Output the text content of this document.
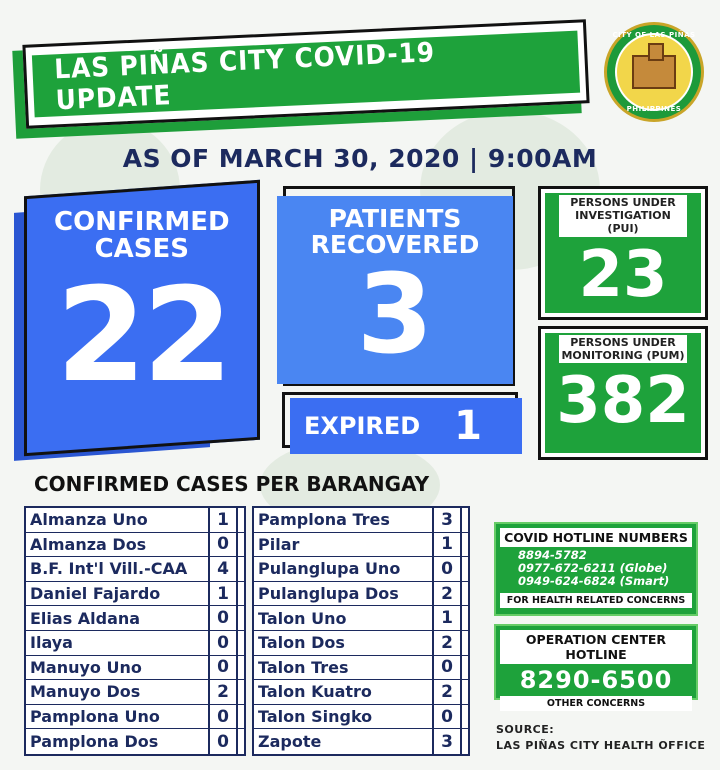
LAS PIÑAS CITY COVID-19 UPDATE
CITY OF LAS PIÑAS
PHILIPPINES
AS OF MARCH 30, 2020 | 9:00AM
CONFIRMED
CASES
22
PATIENTS
RECOVERED
3
EXPIRED 1
PERSONS UNDER INVESTIGATION (PUI)
23
PERSONS UNDER MONITORING (PUM)
382
CONFIRMED CASES PER BARANGAY
Almanza Uno	1
Almanza Dos	0
B.F. Int'l Vill.-CAA	4
Daniel Fajardo	1
Elias Aldana	0
Ilaya	0
Manuyo Uno	0
Manuyo Dos	2
Pamplona Uno	0
Pamplona Dos	0
Pamplona Tres	3
Pilar	1
Pulanglupa Uno	0
Pulanglupa Dos	2
Talon Uno	1
Talon Dos	2
Talon Tres	0
Talon Kuatro	2
Talon Singko	0
Zapote	3
COVID HOTLINE NUMBERS
8894-5782
0977-672-6211 (Globe)
0949-624-6824 (Smart)
FOR HEALTH RELATED CONCERNS
OPERATION CENTER HOTLINE
8290-6500
OTHER CONCERNS
SOURCE:
LAS PIÑAS CITY HEALTH OFFICE
